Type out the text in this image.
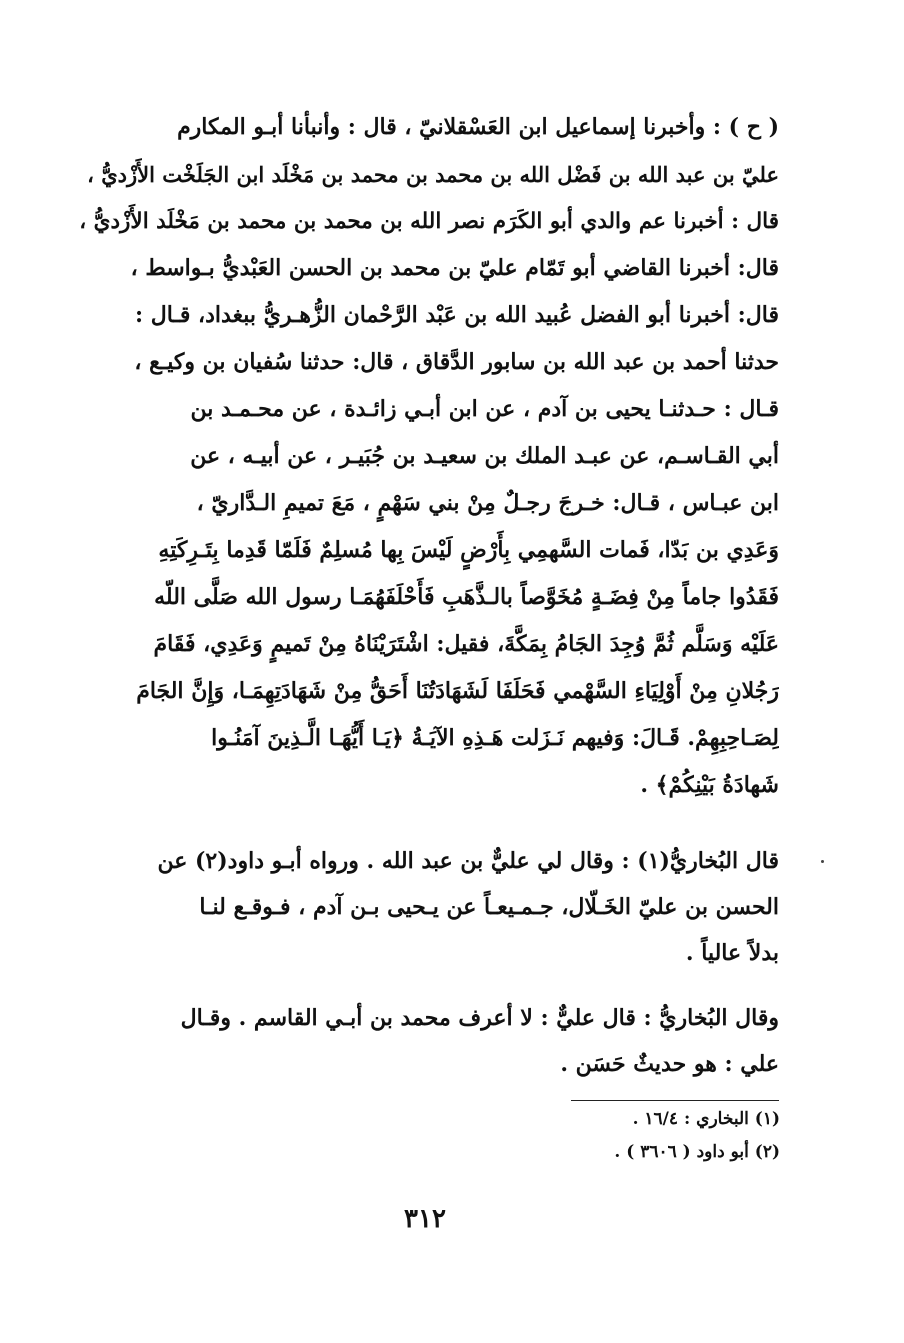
( ح ) : وأخبرنا إسماعيل ابن العَسْقلانيّ ، قال : وأنبأنا أبـو المكارم
عليّ بن عبد الله بن فَضْل الله بن محمد بن محمد بن مَخْلَد ابن الجَلَخْت الأَزْديُّ ،
قال : أخبرنا عم والدي أبو الكَرَم نصر الله بن محمد بن محمد بن مَخْلَد الأَزْديُّ ،
قال: أخبرنا القاضي أبو تَمّام عليّ بن محمد بن الحسن العَبْديُّ بـواسط ،
قال: أخبرنا أبو الفضل عُبيد الله بن عَبْد الرَّحْمان الزُّهـريُّ ببغداد، قـال :
حدثنا أحمد بن عبد الله بن سابور الدَّقاق ، قال: حدثنا سُفيان بن وكيـع ،
قـال : حـدثنـا يحيى بن آدم ، عن ابن أبـي زائـدة ، عن محـمـد بن
أبي القـاسـم، عن عبـد الملك بن سعيـد بن جُبَيـر ، عن أبيـه ، عن
ابن عبـاس ، قـال: خـرجَ رجـلٌ مِنْ بني سَهْمٍ ، مَعَ تميمِ الـدَّاريّ ،
وَعَدِي بن بَدّا، فَمات السَّهمِي بِأَرْضٍ لَيْسَ بِها مُسلِمٌ فَلَمّا قَدِما بِتَـرِكَتِهِ
فَقَدُوا جاماً مِنْ فِضَـةٍ مُخَوَّصاً بالـذَّهَبِ فَأَحْلَفَهُمَـا رسول الله صَلَّى اللّه
عَلَيْه وَسَلَّم ثُمَّ وُجِدَ الجَامُ بِمَكَّةَ، فقيل: اشْتَرَيْنَاهُ مِنْ تَميمٍ وَعَدِي، فَقَامَ
رَجُلانِ مِنْ أَوْلِيَاءِ السَّهْمي فَحَلَفَا لَشَهَادَتُنَا أَحَقُّ مِنْ شَهَادَتِهِمَـا، وَإِنَّ الجَامَ
لِصَـاحِبِهِمْ. قَـالَ: وَفيهم نَـزَلت هَـذِهِ الآيَـةُ ﴿يَـا أَيُّهَـا الَّـذِينَ آمَنُـوا
شَهادَةُ بَيْنِكُمْ﴾ .
قال البُخاريُّ(١) : وقال لي عليٌّ بن عبد الله . ورواه أبـو داود(٢) عن
الحسن بن عليّ الخَـلّال، جـمـيعـاً عن يـحيى بـن آدم ، فـوقـع لنـا
بدلاً عالياً .
وقال البُخاريُّ : قال عليٌّ : لا أعرف محمد بن أبـي القاسم . وقـال
علي : هو حديثٌ حَسَن .
(١) البخاري : ١٦/٤ .
(٢) أبو داود ( ٣٦٠٦ ) .
٣١٢
